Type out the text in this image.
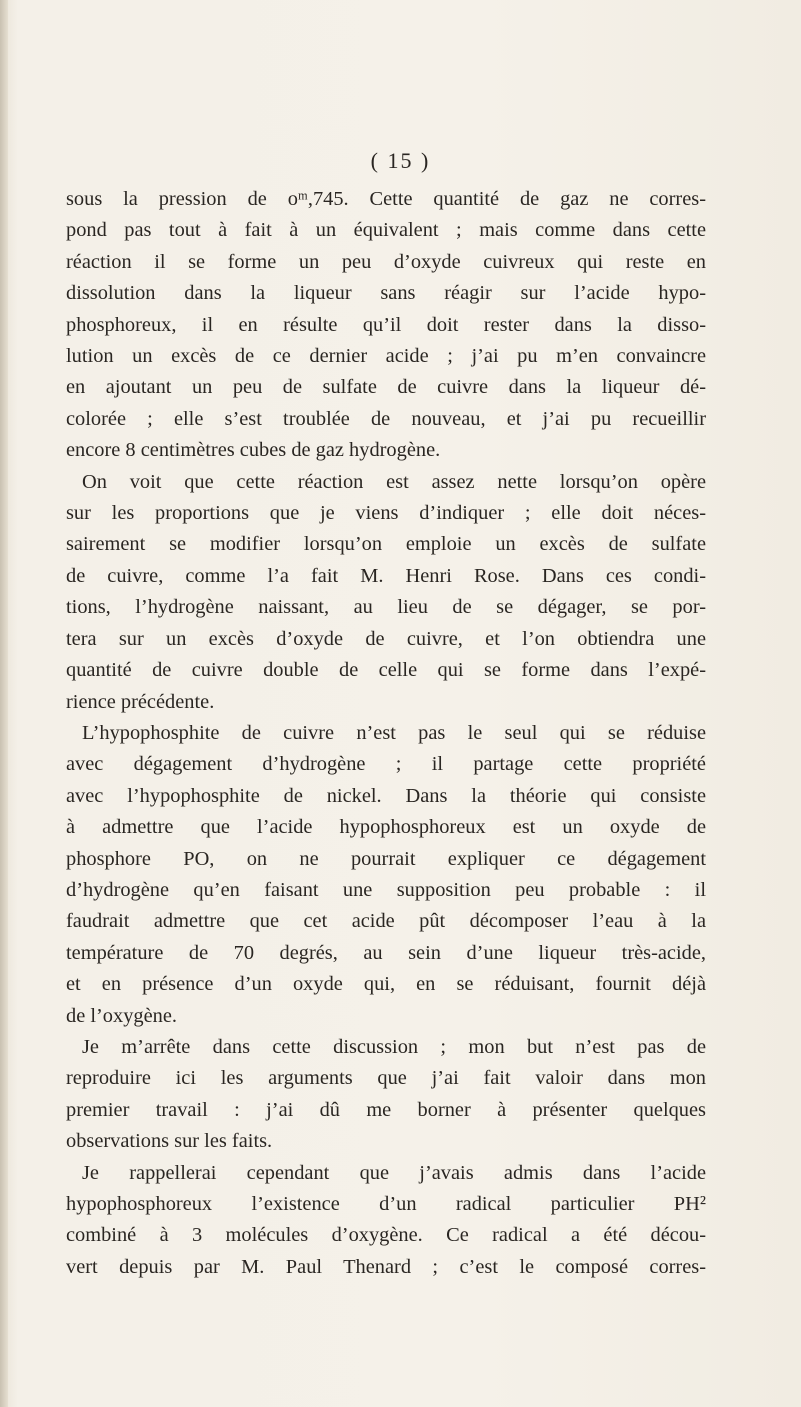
( 15 )
sous la pression de oᵐ,745. Cette quantité de gaz ne corres-
pond pas tout à fait à un équivalent ; mais comme dans cette
réaction il se forme un peu d’oxyde cuivreux qui reste en
dissolution dans la liqueur sans réagir sur l’acide hypo-
phosphoreux, il en résulte qu’il doit rester dans la disso-
lution un excès de ce dernier acide ; j’ai pu m’en convaincre
en ajoutant un peu de sulfate de cuivre dans la liqueur dé-
colorée ; elle s’est troublée de nouveau, et j’ai pu recueillir
encore 8 centimètres cubes de gaz hydrogène.
On voit que cette réaction est assez nette lorsqu’on opère
sur les proportions que je viens d’indiquer ; elle doit néces-
sairement se modifier lorsqu’on emploie un excès de sulfate
de cuivre, comme l’a fait M. Henri Rose. Dans ces condi-
tions, l’hydrogène naissant, au lieu de se dégager, se por-
tera sur un excès d’oxyde de cuivre, et l’on obtiendra une
quantité de cuivre double de celle qui se forme dans l’expé-
rience précédente.
L’hypophosphite de cuivre n’est pas le seul qui se réduise
avec dégagement d’hydrogène ; il partage cette propriété
avec l’hypophosphite de nickel. Dans la théorie qui consiste
à admettre que l’acide hypophosphoreux est un oxyde de
phosphore PO, on ne pourrait expliquer ce dégagement
d’hydrogène qu’en faisant une supposition peu probable : il
faudrait admettre que cet acide pût décomposer l’eau à la
température de 70 degrés, au sein d’une liqueur très-acide,
et en présence d’un oxyde qui, en se réduisant, fournit déjà
de l’oxygène.
Je m’arrête dans cette discussion ; mon but n’est pas de
reproduire ici les arguments que j’ai fait valoir dans mon
premier travail : j’ai dû me borner à présenter quelques
observations sur les faits.
Je rappellerai cependant que j’avais admis dans l’acide
hypophosphoreux l’existence d’un radical particulier PH²
combiné à 3 molécules d’oxygène. Ce radical a été décou-
vert depuis par M. Paul Thenard ; c’est le composé corres-
